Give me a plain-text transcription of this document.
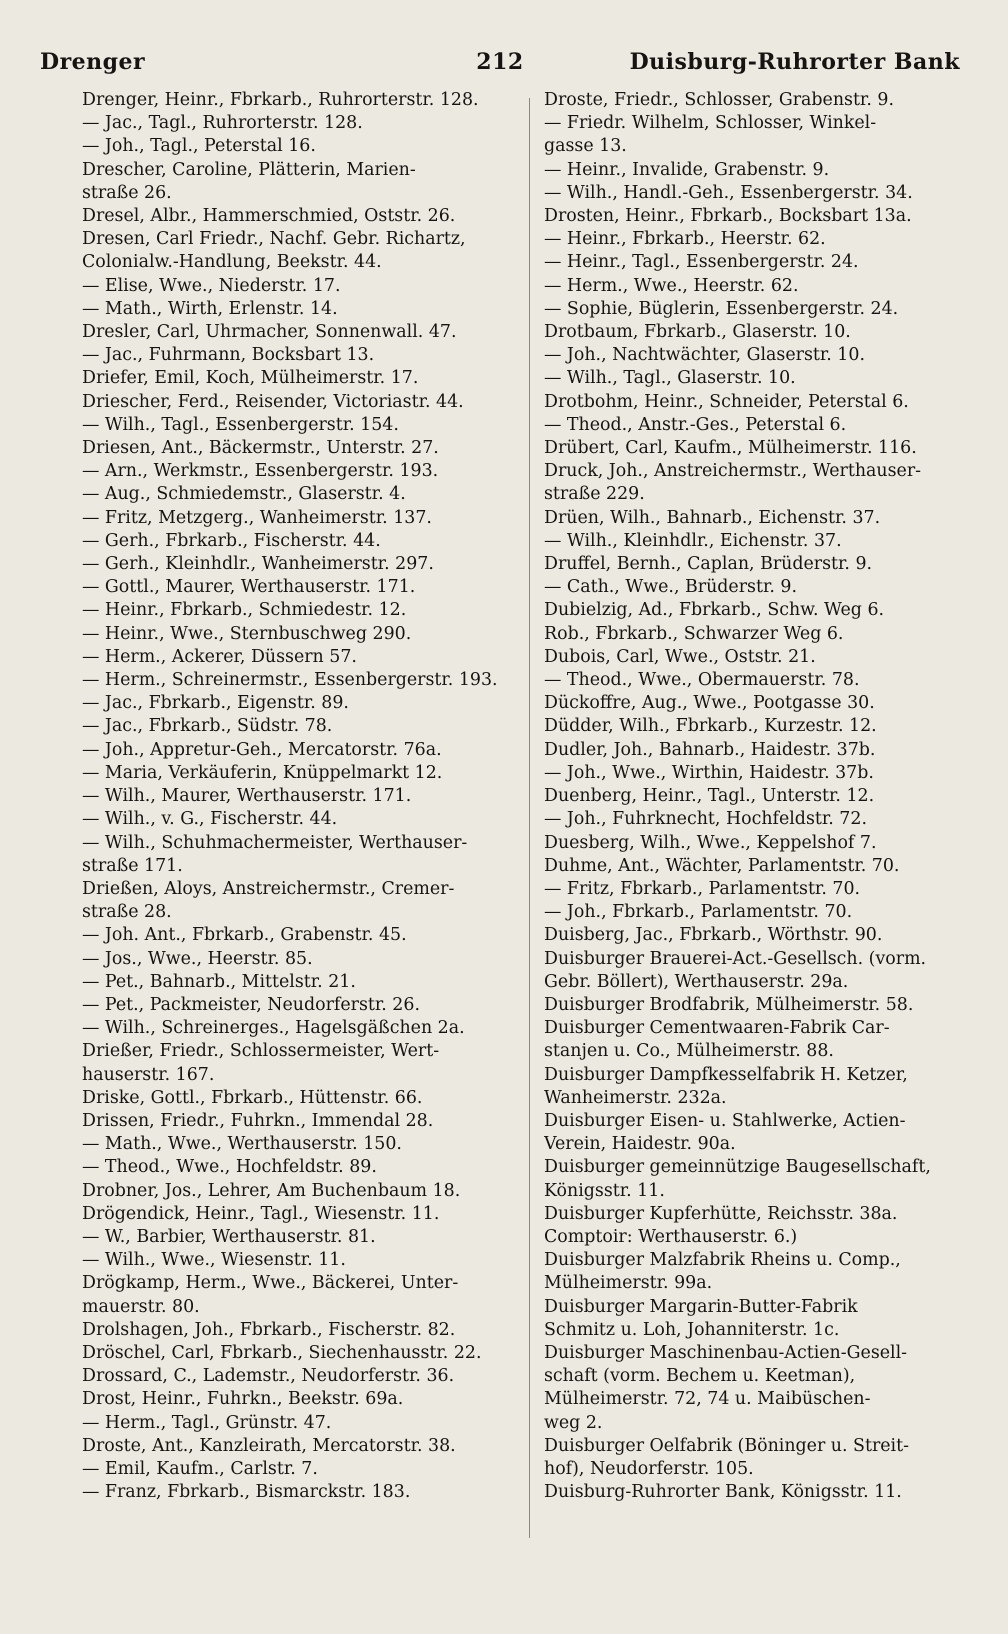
212
Drenger	Duisburg-Ruhrorter Bank
Drenger, Heinr., Fbrkarb., Ruhrorterstr. 128.
— Jac., Tagl., Ruhrorterstr. 128.
— Joh., Tagl., Peterstal 16.
Drescher, Caroline, Plätterin, Marien-
straße 26.
Dresel, Albr., Hammerschmied, Oststr. 26.
Dresen, Carl Friedr., Nachf. Gebr. Richartz,
Colonialw.-Handlung, Beekstr. 44.
— Elise, Wwe., Niederstr. 17.
— Math., Wirth, Erlenstr. 14.
Dresler, Carl, Uhrmacher, Sonnenwall. 47.
— Jac., Fuhrmann, Bocksbart 13.
Driefer, Emil, Koch, Mülheimerstr. 17.
Driescher, Ferd., Reisender, Victoriastr. 44.
— Wilh., Tagl., Essenbergerstr. 154.
Driesen, Ant., Bäckermstr., Unterstr. 27.
— Arn., Werkmstr., Essenbergerstr. 193.
— Aug., Schmiedemstr., Glaserstr. 4.
— Fritz, Metzgerg., Wanheimerstr. 137.
— Gerh., Fbrkarb., Fischerstr. 44.
— Gerh., Kleinhdlr., Wanheimerstr. 297.
— Gottl., Maurer, Werthauserstr. 171.
— Heinr., Fbrkarb., Schmiedestr. 12.
— Heinr., Wwe., Sternbuschweg 290.
— Herm., Ackerer, Düssern 57.
— Herm., Schreinermstr., Essenbergerstr. 193.
— Jac., Fbrkarb., Eigenstr. 89.
— Jac., Fbrkarb., Südstr. 78.
— Joh., Appretur-Geh., Mercatorstr. 76a.
— Maria, Verkäuferin, Knüppelmarkt 12.
— Wilh., Maurer, Werthauserstr. 171.
— Wilh., v. G., Fischerstr. 44.
— Wilh., Schuhmachermeister, Werthauser-
straße 171.
Drießen, Aloys, Anstreichermstr., Cremer-
straße 28.
— Joh. Ant., Fbrkarb., Grabenstr. 45.
— Jos., Wwe., Heerstr. 85.
— Pet., Bahnarb., Mittelstr. 21.
— Pet., Packmeister, Neudorferstr. 26.
— Wilh., Schreinerges., Hagelsgäßchen 2a.
Drießer, Friedr., Schlossermeister, Wert-
hauserstr. 167.
Driske, Gottl., Fbrkarb., Hüttenstr. 66.
Drissen, Friedr., Fuhrkn., Immendal 28.
— Math., Wwe., Werthauserstr. 150.
— Theod., Wwe., Hochfeldstr. 89.
Drobner, Jos., Lehrer, Am Buchenbaum 18.
Drögendick, Heinr., Tagl., Wiesenstr. 11.
— W., Barbier, Werthauserstr. 81.
— Wilh., Wwe., Wiesenstr. 11.
Drögkamp, Herm., Wwe., Bäckerei, Unter-
mauerstr. 80.
Drolshagen, Joh., Fbrkarb., Fischerstr. 82.
Dröschel, Carl, Fbrkarb., Siechenhausstr. 22.
Drossard, C., Lademstr., Neudorferstr. 36.
Drost, Heinr., Fuhrkn., Beekstr. 69a.
— Herm., Tagl., Grünstr. 47.
Droste, Ant., Kanzleirath, Mercatorstr. 38.
— Emil, Kaufm., Carlstr. 7.
— Franz, Fbrkarb., Bismarckstr. 183.
Droste, Friedr., Schlosser, Grabenstr. 9.
— Friedr. Wilhelm, Schlosser, Winkel-
gasse 13.
— Heinr., Invalide, Grabenstr. 9.
— Wilh., Handl.-Geh., Essenbergerstr. 34.
Drosten, Heinr., Fbrkarb., Bocksbart 13a.
— Heinr., Fbrkarb., Heerstr. 62.
— Heinr., Tagl., Essenbergerstr. 24.
— Herm., Wwe., Heerstr. 62.
— Sophie, Büglerin, Essenbergerstr. 24.
Drotbaum, Fbrkarb., Glaserstr. 10.
— Joh., Nachtwächter, Glaserstr. 10.
— Wilh., Tagl., Glaserstr. 10.
Drotbohm, Heinr., Schneider, Peterstal 6.
— Theod., Anstr.-Ges., Peterstal 6.
Drübert, Carl, Kaufm., Mülheimerstr. 116.
Druck, Joh., Anstreichermstr., Werthauser-
straße 229.
Drüen, Wilh., Bahnarb., Eichenstr. 37.
— Wilh., Kleinhdlr., Eichenstr. 37.
Druffel, Bernh., Caplan, Brüderstr. 9.
— Cath., Wwe., Brüderstr. 9.
Dubielzig, Ad., Fbrkarb., Schw. Weg 6.
Rob., Fbrkarb., Schwarzer Weg 6.
Dubois, Carl, Wwe., Oststr. 21.
— Theod., Wwe., Obermauerstr. 78.
Dückoffre, Aug., Wwe., Pootgasse 30.
Düdder, Wilh., Fbrkarb., Kurzestr. 12.
Dudler, Joh., Bahnarb., Haidestr. 37b.
— Joh., Wwe., Wirthin, Haidestr. 37b.
Duenberg, Heinr., Tagl., Unterstr. 12.
— Joh., Fuhrknecht, Hochfeldstr. 72.
Duesberg, Wilh., Wwe., Keppelshof 7.
Duhme, Ant., Wächter, Parlamentstr. 70.
— Fritz, Fbrkarb., Parlamentstr. 70.
— Joh., Fbrkarb., Parlamentstr. 70.
Duisberg, Jac., Fbrkarb., Wörthstr. 90.
Duisburger Brauerei-Act.-Gesellsch. (vorm.
Gebr. Böllert), Werthauserstr. 29a.
Duisburger Brodfabrik, Mülheimerstr. 58.
Duisburger Cementwaaren-Fabrik Car-
stanjen u. Co., Mülheimerstr. 88.
Duisburger Dampfkesselfabrik H. Ketzer,
Wanheimerstr. 232a.
Duisburger Eisen- u. Stahlwerke, Actien-
Verein, Haidestr. 90a.
Duisburger gemeinnützige Baugesellschaft,
Königsstr. 11.
Duisburger Kupferhütte, Reichsstr. 38a.
Comptoir: Werthauserstr. 6.)
Duisburger Malzfabrik Rheins u. Comp.,
Mülheimerstr. 99a.
Duisburger Margarin-Butter-Fabrik
Schmitz u. Loh, Johanniterstr. 1c.
Duisburger Maschinenbau-Actien-Gesell-
schaft (vorm. Bechem u. Keetman),
Mülheimerstr. 72, 74 u. Maibüschen-
weg 2.
Duisburger Oelfabrik (Böninger u. Streit-
hof), Neudorferstr. 105.
Duisburg-Ruhrorter Bank, Königsstr. 11.
